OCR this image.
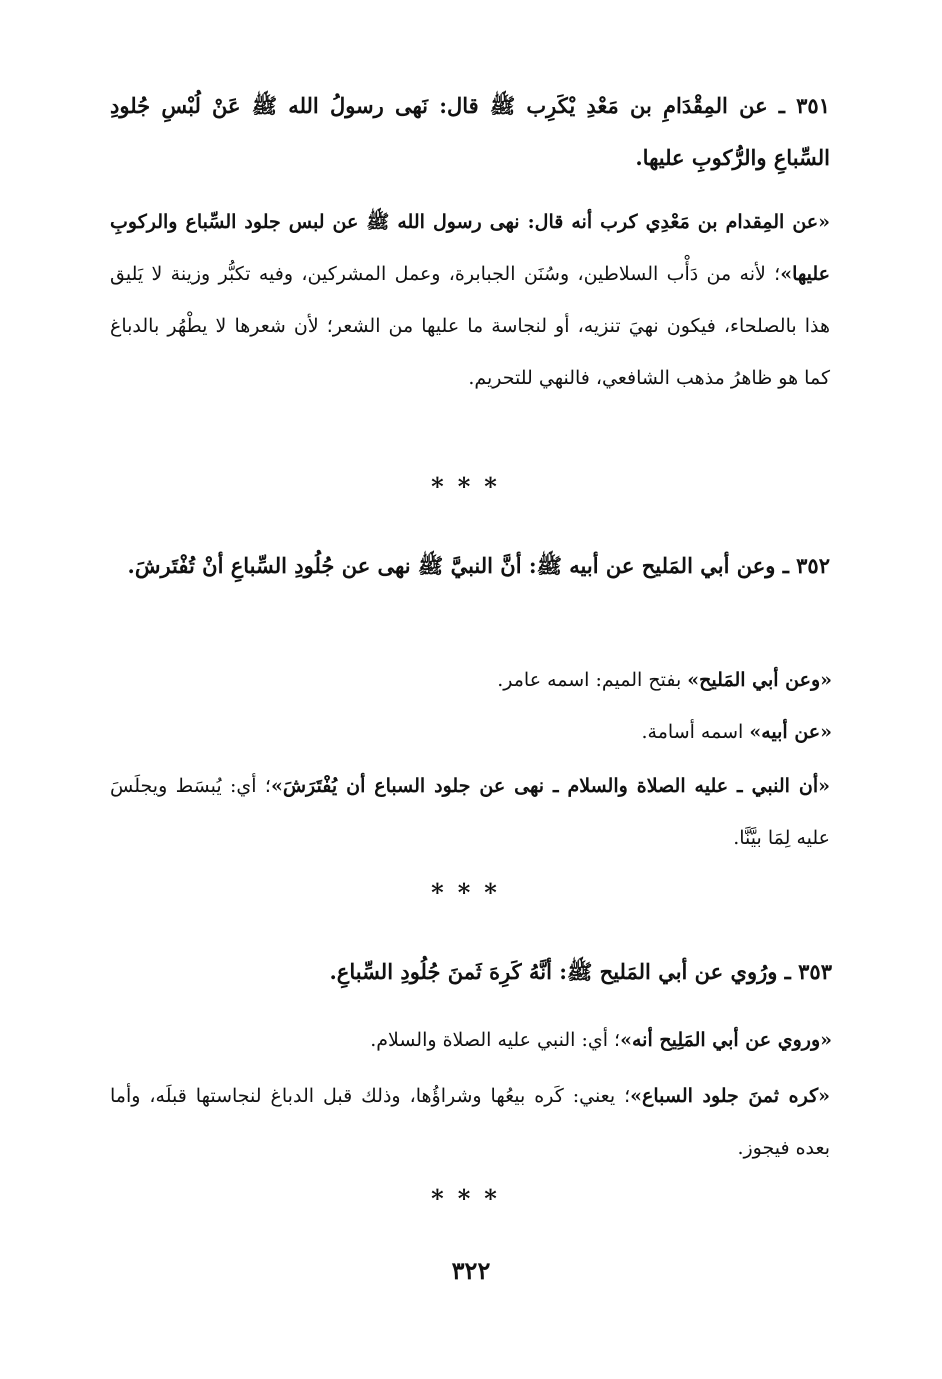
٣٥١ ـ عن المِقْدَامِ بن مَعْدِ يْكَرِب ﷺ قال: نَهى رسولُ الله ﷺ عَنْ لُبْسِ جُلودِ السِّباعِ والرُّكوبِ عليها.
«عن المِقدام بن مَعْدِي كرب أنه قال: نهى رسول الله ﷺ عن لبس جلود السِّباع والركوبِ عليها»؛ لأنه من دَأْب السلاطين، وسُنَن الجبابرة، وعمل المشركين، وفيه تكبُّر وزينة لا يَليق هذا بالصلحاء، فيكون نهيَ تنزيه، أو لنجاسة ما عليها من الشعر؛ لأن شعرها لا يطْهُر بالدباغ كما هو ظاهرُ مذهب الشافعي، فالنهي للتحريم.
***
٣٥٢ ـ وعن أبي المَليح عن أبيه ﷺ: أنَّ النبيَّ ﷺ نهى عن جُلُودِ السِّباعِ أنْ تُفْتَرشَ.
«وعن أبي المَليح» بفتح الميم: اسمه عامر.
«عن أبيه» اسمه أسامة.
«أن النبي ـ عليه الصلاة والسلام ـ نهى عن جلود السباع أن يُفْتَرَشَ»؛ أي: يُبسَط ويجلَسَ عليه لِمَا بيَّنَّا.
***
٣٥٣ ـ ورُوي عن أبي المَليح ﷺ: أنَّهُ كَرِهَ ثَمنَ جُلُودِ السِّباعِ.
«وروي عن أبي المَلِيح أنه»؛ أي: النبي عليه الصلاة والسلام.
«كره ثمنَ جلود السباع»؛ يعني: كَره بيعُها وشراؤُها، وذلك قبل الدباغ لنجاستها قبلَه، وأما بعده فيجوز.
***
٣٢٢
